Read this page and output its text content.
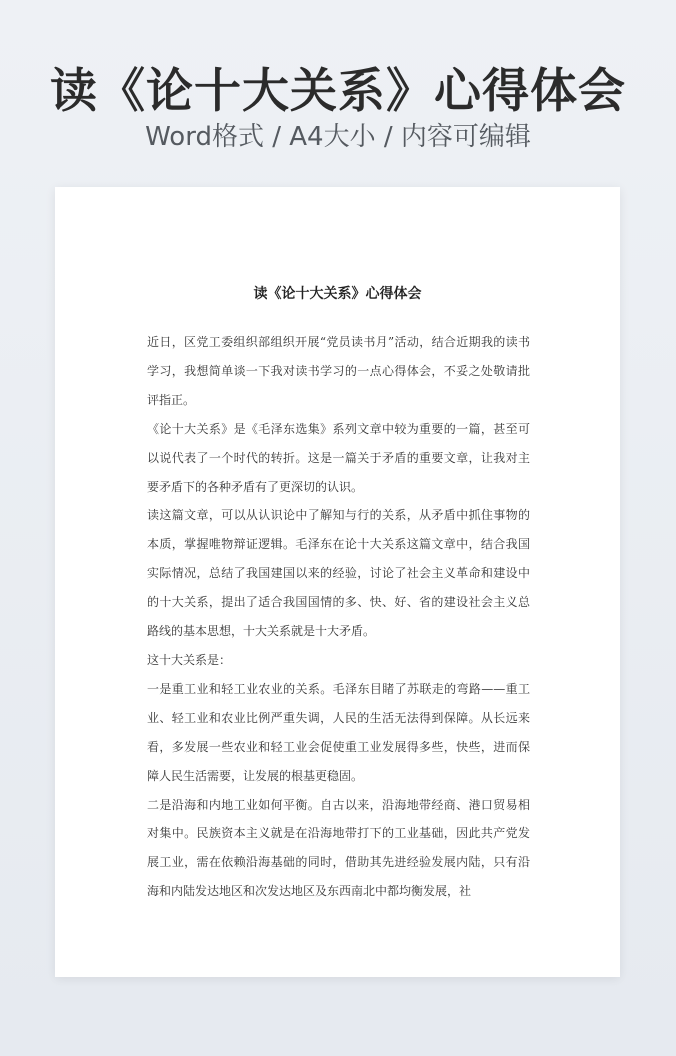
读《论十大关系》心得体会
Word格式 / A4大小 / 内容可编辑
读《论十大关系》心得体会

近日，区党工委组织部组织开展“党员读书月”活动，结合近期我的读书学习，我想简单谈一下我对读书学习的一点心得体会，不妥之处敬请批评指正。

《论十大关系》是《毛泽东选集》系列文章中较为重要的一篇，甚至可以说代表了一个时代的转折。这是一篇关于矛盾的重要文章，让我对主要矛盾下的各种矛盾有了更深切的认识。

读这篇文章，可以从认识论中了解知与行的关系，从矛盾中抓住事物的本质，掌握唯物辩证逻辑。毛泽东在论十大关系这篇文章中，结合我国实际情况，总结了我国建国以来的经验，讨论了社会主义革命和建设中的十大关系，提出了适合我国国情的多、快、好、省的建设社会主义总路线的基本思想，十大关系就是十大矛盾。

这十大关系是：

一是重工业和轻工业农业的关系。毛泽东目睹了苏联走的弯路——重工业、轻工业和农业比例严重失调，人民的生活无法得到保障。从长远来看，多发展一些农业和轻工业会促使重工业发展得多些，快些，进而保障人民生活需要，让发展的根基更稳固。

二是沿海和内地工业如何平衡。自古以来，沿海地带经商、港口贸易相对集中。民族资本主义就是在沿海地带打下的工业基础，因此共产党发展工业，需在依赖沿海基础的同时，借助其先进经验发展内陆，只有沿海和内陆发达地区和次发达地区及东西南北中都均衡发展，社
